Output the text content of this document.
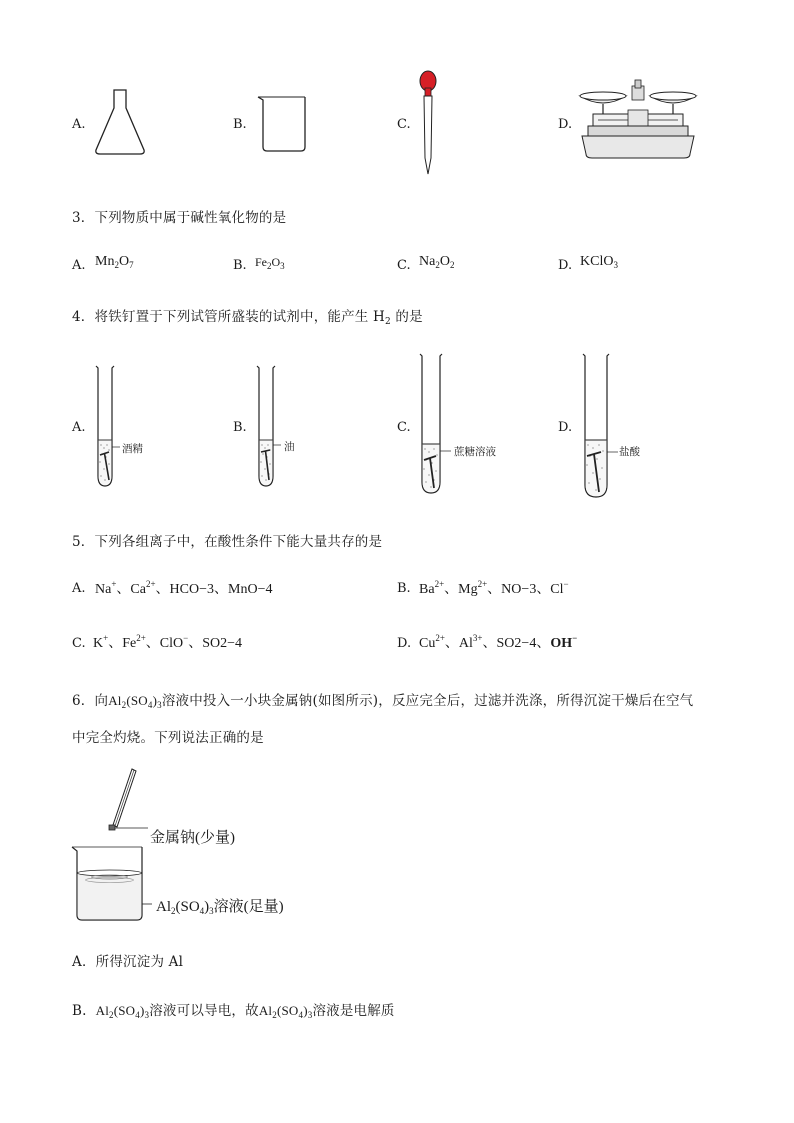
A.	B.	C.	D.
3．下列物质中属于碱性氧化物的是
A. $Mn_2O_7$	B. $Fe_2O_3$	C. $Na_2O_2$	D. KClO$_3$
4．将铁钉置于下列试管所盛装的试剂中，能产生 $H_2$ 的是
A.
酒精
B.
油
C.
蔗糖溶液
D.
盐酸
5．下列各组离子中，在酸性条件下能大量共存的是
A. Na+、$Ca^{2+}$、HCO−3、MnO−4	B. $Ba^{2+}$、$Mg^{2+}$、NO−3、Cl−
C. K+、$Fe^{2+}$、ClO−、SO2−4	D. $Cu^{2+}$、$Al^{3+}$、SO2−4、OH−
6．向$Al_2(SO_4)_3$溶液中投入一小块金属钠(如图所示)，反应完全后，过滤并洗涤，所得沉淀干燥后在空气
中完全灼烧。下列说法正确的是
金属钠(少量)
$Al_2(SO_4)_3$溶液(足量)
A．所得沉淀为 Al
B. $Al_2(SO_4)_3$溶液可以导电，故$Al_2(SO_4)_3$溶液是电解质
